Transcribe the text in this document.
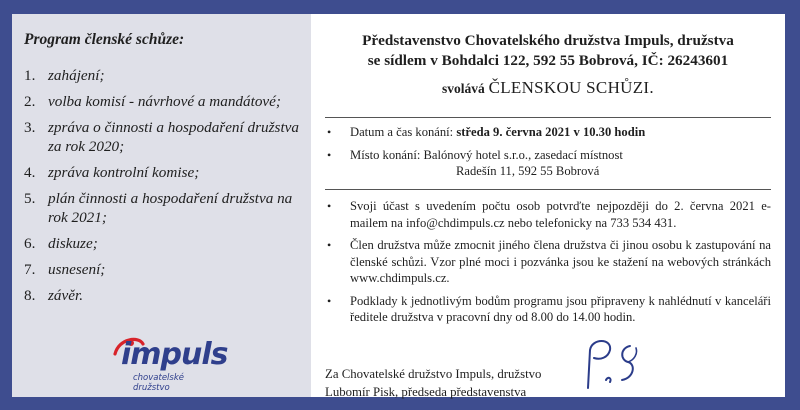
Program členské schůze:
1. zahájení;
2. volba komisí - návrhové a mandátové;
3. zpráva o činnosti a hospodaření družstva za rok 2020;
4. zpráva kontrolní komise;
5. plán činnosti a hospodaření družstva na rok 2021;
6. diskuze;
7. usnesení;
8. závěr.
impuls
chovatelské družstvo
Představenstvo Chovatelského družstva Impuls, družstva
se sídlem v Bohdalci 122, 592 55 Bobrová, IČ: 26243601
svolává ČLENSKOU SCHŮZI.
• Datum a čas konání: středa 9. června 2021 v 10.30 hodin
• Místo konání: Balónový hotel s.r.o., zasedací místnost
Radešín 11, 592 55 Bobrová
• Svoji účast s uvedením počtu osob potvrďte nejpozději do 2. června 2021 e-mailem na info@chdimpuls.cz nebo telefonicky na 733 534 431.
• Člen družstva může zmocnit jiného člena družstva či jinou osobu k zastupování na členské schůzi. Vzor plné moci i pozvánka jsou ke stažení na webových stránkách www.chdimpuls.cz.
• Podklady k jednotlivým bodům programu jsou připraveny k nahlédnutí v kanceláři ředitele družstva v pracovní dny od 8.00 do 14.00 hodin.
Za Chovatelské družstvo Impuls, družstvo
Lubomír Pisk, předseda představenstva
